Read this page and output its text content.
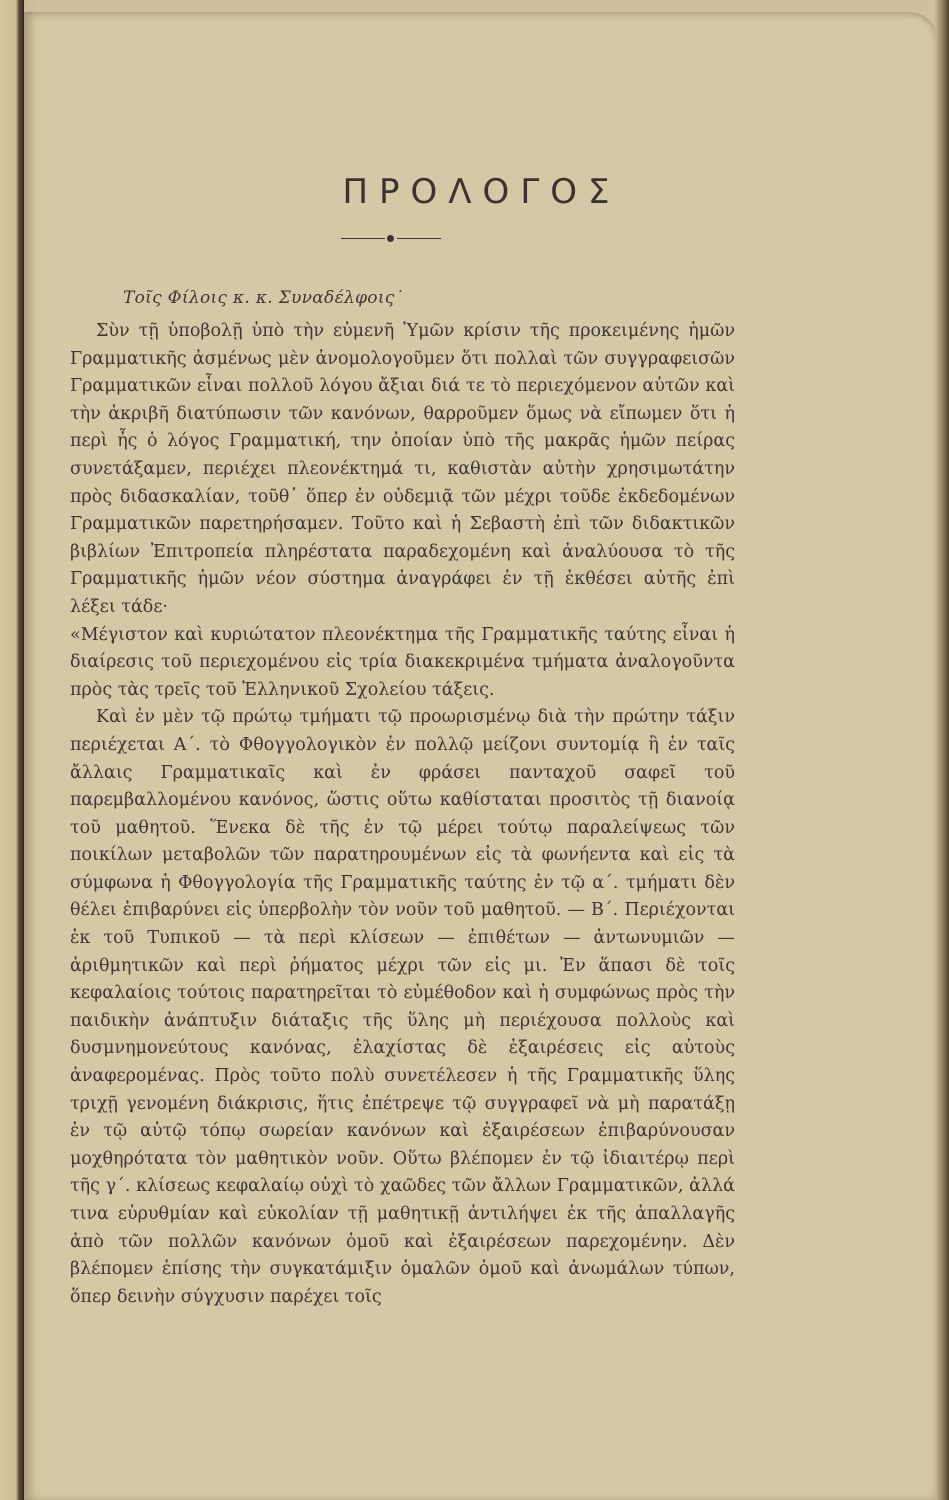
ΠΡΟΛΟΓΟΣ

Τοῖς Φίλοις κ. κ. Συναδέλφοις˙

Σὺν τῇ ὑποβολῇ ὑπὸ τὴν εὐμενῆ Ὑμῶν κρίσιν τῆς προκειμένης ἡμῶν Γραμματικῆς ἀσμένως μὲν ἀνομολογοῦμεν ὅτι πολλαὶ τῶν συγγραφεισῶν Γραμματικῶν εἶναι πολλοῦ λόγου ἄξιαι διά τε τὸ περιεχόμενον αὐτῶν καὶ τὴν ἀκριβῆ διατύπωσιν τῶν κανόνων, θαρροῦμεν ὅμως νὰ εἴπωμεν ὅτι ἡ περὶ ἧς ὁ λόγος Γραμματική, την ὁποίαν ὑπὸ τῆς μακρᾶς ἡμῶν πείρας συνετάξαμεν, περιέχει πλεονέκτημά τι, καθιστὰν αὐτὴν χρησιμωτάτην πρὸς διδασκαλίαν, τοῦθ᾽ ὅπερ ἐν οὐδεμιᾷ τῶν μέχρι τοῦδε ἐκδεδομένων Γραμματικῶν παρετηρήσαμεν. Τοῦτο καὶ ἡ Σεβαστὴ ἐπὶ τῶν διδακτικῶν βιβλίων Ἐπιτροπεία πληρέστατα παραδεχομένη καὶ ἀναλύουσα τὸ τῆς Γραμματικῆς ἡμῶν νέον σύστημα ἀναγράφει ἐν τῇ ἐκθέσει αὐτῆς ἐπὶ λέξει τάδε·

«Μέγιστον καὶ κυριώτατον πλεονέκτημα τῆς Γραμματικῆς ταύτης εἶναι ἡ διαίρεσις τοῦ περιεχομένου εἰς τρία διακεκριμένα τμήματα ἀναλογοῦντα πρὸς τὰς τρεῖς τοῦ Ἑλληνικοῦ Σχολείου τάξεις.

Καὶ ἐν μὲν τῷ πρώτῳ τμήματι τῷ προωρισμένῳ διὰ τὴν πρώτην τάξιν περιέχεται Α΄. τὸ Φθογγολογικὸν ἐν πολλῷ μείζονι συντομίᾳ ἢ ἐν ταῖς ἄλλαις Γραμματικαῖς καὶ ἐν φράσει πανταχοῦ σαφεῖ τοῦ παρεμβαλλομένου κανόνος, ὥστις οὕτω καθίσταται προσιτὸς τῇ διανοίᾳ τοῦ μαθητοῦ. Ἕνεκα δὲ τῆς ἐν τῷ μέρει τούτῳ παραλείψεως τῶν ποικίλων μεταβολῶν τῶν παρατηρουμένων εἰς τὰ φωνήεντα καὶ εἰς τὰ σύμφωνα ἡ Φθογγολογία τῆς Γραμματικῆς ταύτης ἐν τῷ α΄. τμήματι δὲν θέλει ἐπιβαρύνει εἰς ὑπερβολὴν τὸν νοῦν τοῦ μαθητοῦ. — Β΄. Περιέχονται ἐκ τοῦ Τυπικοῦ — τὰ περὶ κλίσεων — ἐπιθέτων — ἀντωνυμιῶν — ἀριθμητικῶν καὶ περὶ ῥήματος μέχρι τῶν εἰς μι. Ἐν ἅπασι δὲ τοῖς κεφαλαίοις τούτοις παρατηρεῖται τὸ εὐμέθοδον καὶ ἡ συμφώνως πρὸς τὴν παιδικὴν ἀνάπτυξιν διάταξις τῆς ὕλης μὴ περιέχουσα πολλοὺς καὶ δυσμνημονεύτους κανόνας, ἐλαχίστας δὲ ἐξαιρέσεις εἰς αὐτοὺς ἀναφερομένας. Πρὸς τοῦτο πολὺ συνετέλεσεν ἡ τῆς Γραμματικῆς ὕλης τριχῇ γενομένη διάκρισις, ἥτις ἐπέτρεψε τῷ συγγραφεῖ νὰ μὴ παρατάξῃ ἐν τῷ αὐτῷ τόπῳ σωρείαν κανόνων καὶ ἐξαιρέσεων ἐπιβαρύνουσαν μοχθηρότατα τὸν μαθητικὸν νοῦν. Οὕτω βλέπομεν ἐν τῷ ἰδιαιτέρῳ περὶ τῆς γ΄. κλίσεως κεφαλαίῳ οὐχὶ τὸ χαῶδες τῶν ἄλλων Γραμματικῶν, ἀλλά τινα εὐρυθμίαν καὶ εὐκολίαν τῇ μαθητικῇ ἀντιλήψει ἐκ τῆς ἀπαλλαγῆς ἀπὸ τῶν πολλῶν κανόνων ὁμοῦ καὶ ἐξαιρέσεων παρεχομένην. Δὲν βλέπομεν ἐπίσης τὴν συγκατάμιξιν ὁμαλῶν ὁμοῦ καὶ ἀνωμάλων τύπων, ὅπερ δεινὴν σύγχυσιν παρέχει τοῖς
